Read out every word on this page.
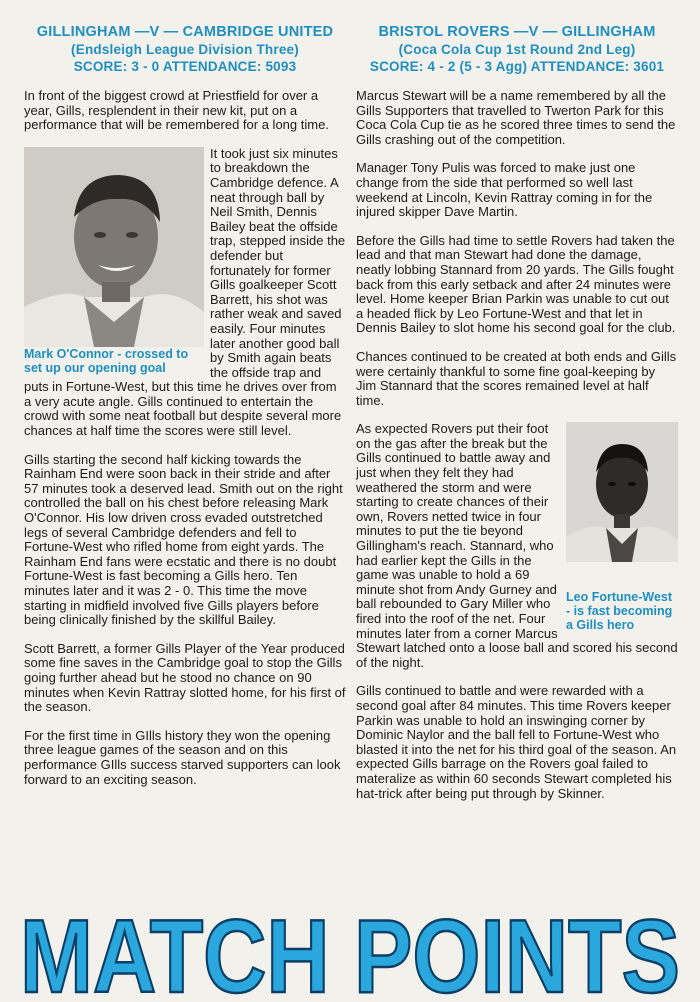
GILLINGHAM —V — CAMBRIDGE UNITED
(Endsleigh League Division Three)
SCORE: 3 - 0 ATTENDANCE: 5093

In front of the biggest crowd at Priestfield for over a year, Gills, resplendent in their new kit, put on a performance that will be remembered for a long time.

Mark O'Connor - crossed to set up our opening goal

It took just six minutes to breakdown the Cambridge defence. A neat through ball by Neil Smith, Dennis Bailey beat the offside trap, stepped inside the defender but fortunately for former Gills goalkeeper Scott Barrett, his shot was rather weak and saved easily. Four minutes later another good ball by Smith again beats the offside trap and puts in Fortune-West, but this time he drives over from a very acute angle. Gills continued to entertain the crowd with some neat football but despite several more chances at half time the scores were still level.

Gills starting the second half kicking towards the Rainham End were soon back in their stride and after 57 minutes took a deserved lead. Smith out on the right controlled the ball on his chest before releasing Mark O'Connor. His low driven cross evaded outstretched legs of several Cambridge defenders and fell to Fortune-West who rifled home from eight yards. The Rainham End fans were ecstatic and there is no doubt Fortune-West is fast becoming a Gills hero. Ten minutes later and it was 2 - 0. This time the move starting in midfield involved five Gills players before being clinically finished by the skillful Bailey.

Scott Barrett, a former Gills Player of the Year produced some fine saves in the Cambridge goal to stop the Gills going further ahead but he stood no chance on 90 minutes when Kevin Rattray slotted home, for his first of the season.

For the first time in GIlls history they won the opening three league games of the season and on this performance GIlls success starved supporters can look forward to an exciting season.

BRISTOL ROVERS —V — GILLINGHAM
(Coca Cola Cup 1st Round 2nd Leg)
SCORE: 4 - 2 (5 - 3 Agg) ATTENDANCE: 3601

Marcus Stewart will be a name remembered by all the Gills Supporters that travelled to Twerton Park for this Coca Cola Cup tie as he scored three times to send the Gills crashing out of the competition.

Manager Tony Pulis was forced to make just one change from the side that performed so well last weekend at Lincoln, Kevin Rattray coming in for the injured skipper Dave Martin.

Before the Gills had time to settle Rovers had taken the lead and that man Stewart had done the damage, neatly lobbing Stannard from 20 yards. The Gills fought back from this early setback and after 24 minutes were level. Home keeper Brian Parkin was unable to cut out a headed flick by Leo Fortune-West and that let in Dennis Bailey to slot home his second goal for the club.

Chances continued to be created at both ends and Gills were certainly thankful to some fine goal-keeping by Jim Stannard that the scores remained level at half time.

Leo Fortune-West - is fast becoming a Gills hero

As expected Rovers put their foot on the gas after the break but the Gills continued to battle away and just when they felt they had weathered the storm and were starting to create chances of their own, Rovers netted twice in four minutes to put the tie beyond Gillingham's reach. Stannard, who had earlier kept the Gills in the game was unable to hold a 69 minute shot from Andy Gurney and ball rebounded to Gary Miller who fired into the roof of the net. Four minutes later from a corner Marcus Stewart latched onto a loose ball and scored his second of the night.

Gills continued to battle and were rewarded with a second goal after 84 minutes. This time Rovers keeper Parkin was unable to hold an inswinging corner by Dominic Naylor and the ball fell to Fortune-West who blasted it into the net for his third goal of the season. An expected Gills barrage on the Rovers goal failed to materalize as within 60 seconds Stewart completed his hat-trick after being put through by Skinner.

MATCH POINTS
